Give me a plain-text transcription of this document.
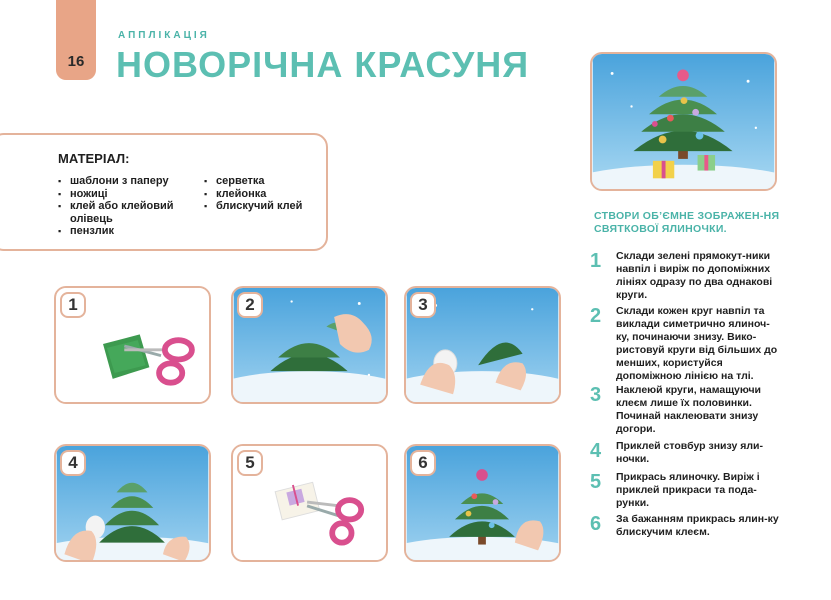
16
АППЛІКАЦІЯ
НОВОРІЧНА КРАСУНЯ
МАТЕРІАЛ:
▪ шаблони з паперу
▪ ножиці
▪ клей або клейовий олівець
▪ пензлик
▪ серветка
▪ клейонка
▪ блискучий клей
1	2	3
4	5	6
СТВОРИ ОБ’ЄМНЕ ЗОБРАЖЕН-НЯ СВЯТКОВОЇ ЯЛИНОЧКИ.
1 Склади зелені прямокут-ники навпіл і виріж по допоміжних лініях одразу по два однакові круги.
2 Склади кожен круг навпіл та виклади симетрично ялиноч-ку, починаючи знизу. Вико-ристовуй круги від більших до менших, користуйся допоміжною лінією на тлі.
3 Наклеюй круги, намащуючи клеєм лише їх половинки. Починай наклеювати знизу догори.
4 Приклей стовбур знизу яли-ночки.
5 Прикрась ялиночку. Виріж і приклей прикраси та пода-рунки.
6 За бажанням прикрась ялин-ку блискучим клеєм.
